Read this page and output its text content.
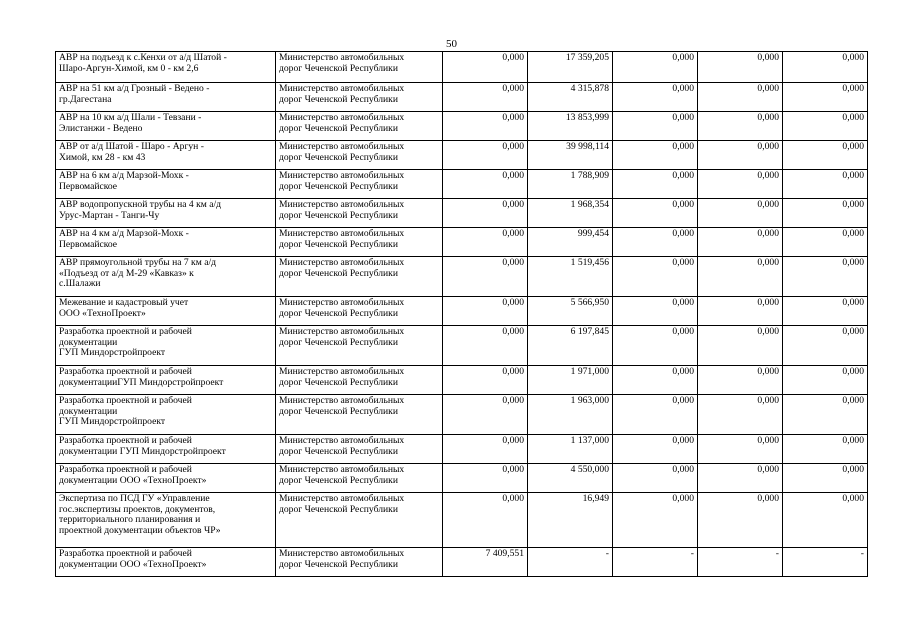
50
АВР на подъезд к с.Кенхи от а/д Шатой -
Шаро-Аргун-Химой, км 0 - км 2,6	Министерство автомобильных
дорог Чеченской Республики	0,000	17 359,205	0,000	0,000	0,000
АВР на 51 км а/д Грозный - Ведено -
гр.Дагестана	Министерство автомобильных
дорог Чеченской Республики	0,000	4 315,878	0,000	0,000	0,000
АВР на 10 км а/д Шали - Тевзани -
Элистанжи - Ведено	Министерство автомобильных
дорог Чеченской Республики	0,000	13 853,999	0,000	0,000	0,000
АВР от а/д Шатой - Шаро - Аргун -
Химой, км 28 - км 43	Министерство автомобильных
дорог Чеченской Республики	0,000	39 998,114	0,000	0,000	0,000
АВР на 6 км а/д Марзой-Мохк -
Первомайское	Министерство автомобильных
дорог Чеченской Республики	0,000	1 788,909	0,000	0,000	0,000
АВР водопропускной трубы на 4 км а/д
Урус-Мартан - Танги-Чу	Министерство автомобильных
дорог Чеченской Республики	0,000	1 968,354	0,000	0,000	0,000
АВР на 4 км а/д Марзой-Мохк -
Первомайское	Министерство автомобильных
дорог Чеченской Республики	0,000	999,454	0,000	0,000	0,000
АВР прямоугольной трубы на 7 км а/д
«Подъезд от а/д М-29 «Кавказ» к
с.Шалажи	Министерство автомобильных
дорог Чеченской Республики	0,000	1 519,456	0,000	0,000	0,000
Межевание и кадастровый учет
ООО «ТехноПроект»	Министерство автомобильных
дорог Чеченской Республики	0,000	5 566,950	0,000	0,000	0,000
Разработка проектной и рабочей
документации
ГУП Миндорстройпроект	Министерство автомобильных
дорог Чеченской Республики	0,000	6 197,845	0,000	0,000	0,000
Разработка проектной и рабочей
документацииГУП Миндорстройпроект	Министерство автомобильных
дорог Чеченской Республики	0,000	1 971,000	0,000	0,000	0,000
Разработка проектной и рабочей
документации
ГУП Миндорстройпроект	Министерство автомобильных
дорог Чеченской Республики	0,000	1 963,000	0,000	0,000	0,000
Разработка проектной и рабочей
документации ГУП Миндорстройпроект	Министерство автомобильных
дорог Чеченской Республики	0,000	1 137,000	0,000	0,000	0,000
Разработка проектной и рабочей
документации ООО «ТехноПроект»	Министерство автомобильных
дорог Чеченской Республики	0,000	4 550,000	0,000	0,000	0,000
Экспертиза по ПСД ГУ «Управление
гос.экспертизы проектов, документов,
территориального планирования и
проектной документации объектов ЧР»	Министерство автомобильных
дорог Чеченской Республики	0,000	16,949	0,000	0,000	0,000
Разработка проектной и рабочей
документации ООО «ТехноПроект»	Министерство автомобильных
дорог Чеченской Республики	7 409,551	-	-	-	-
